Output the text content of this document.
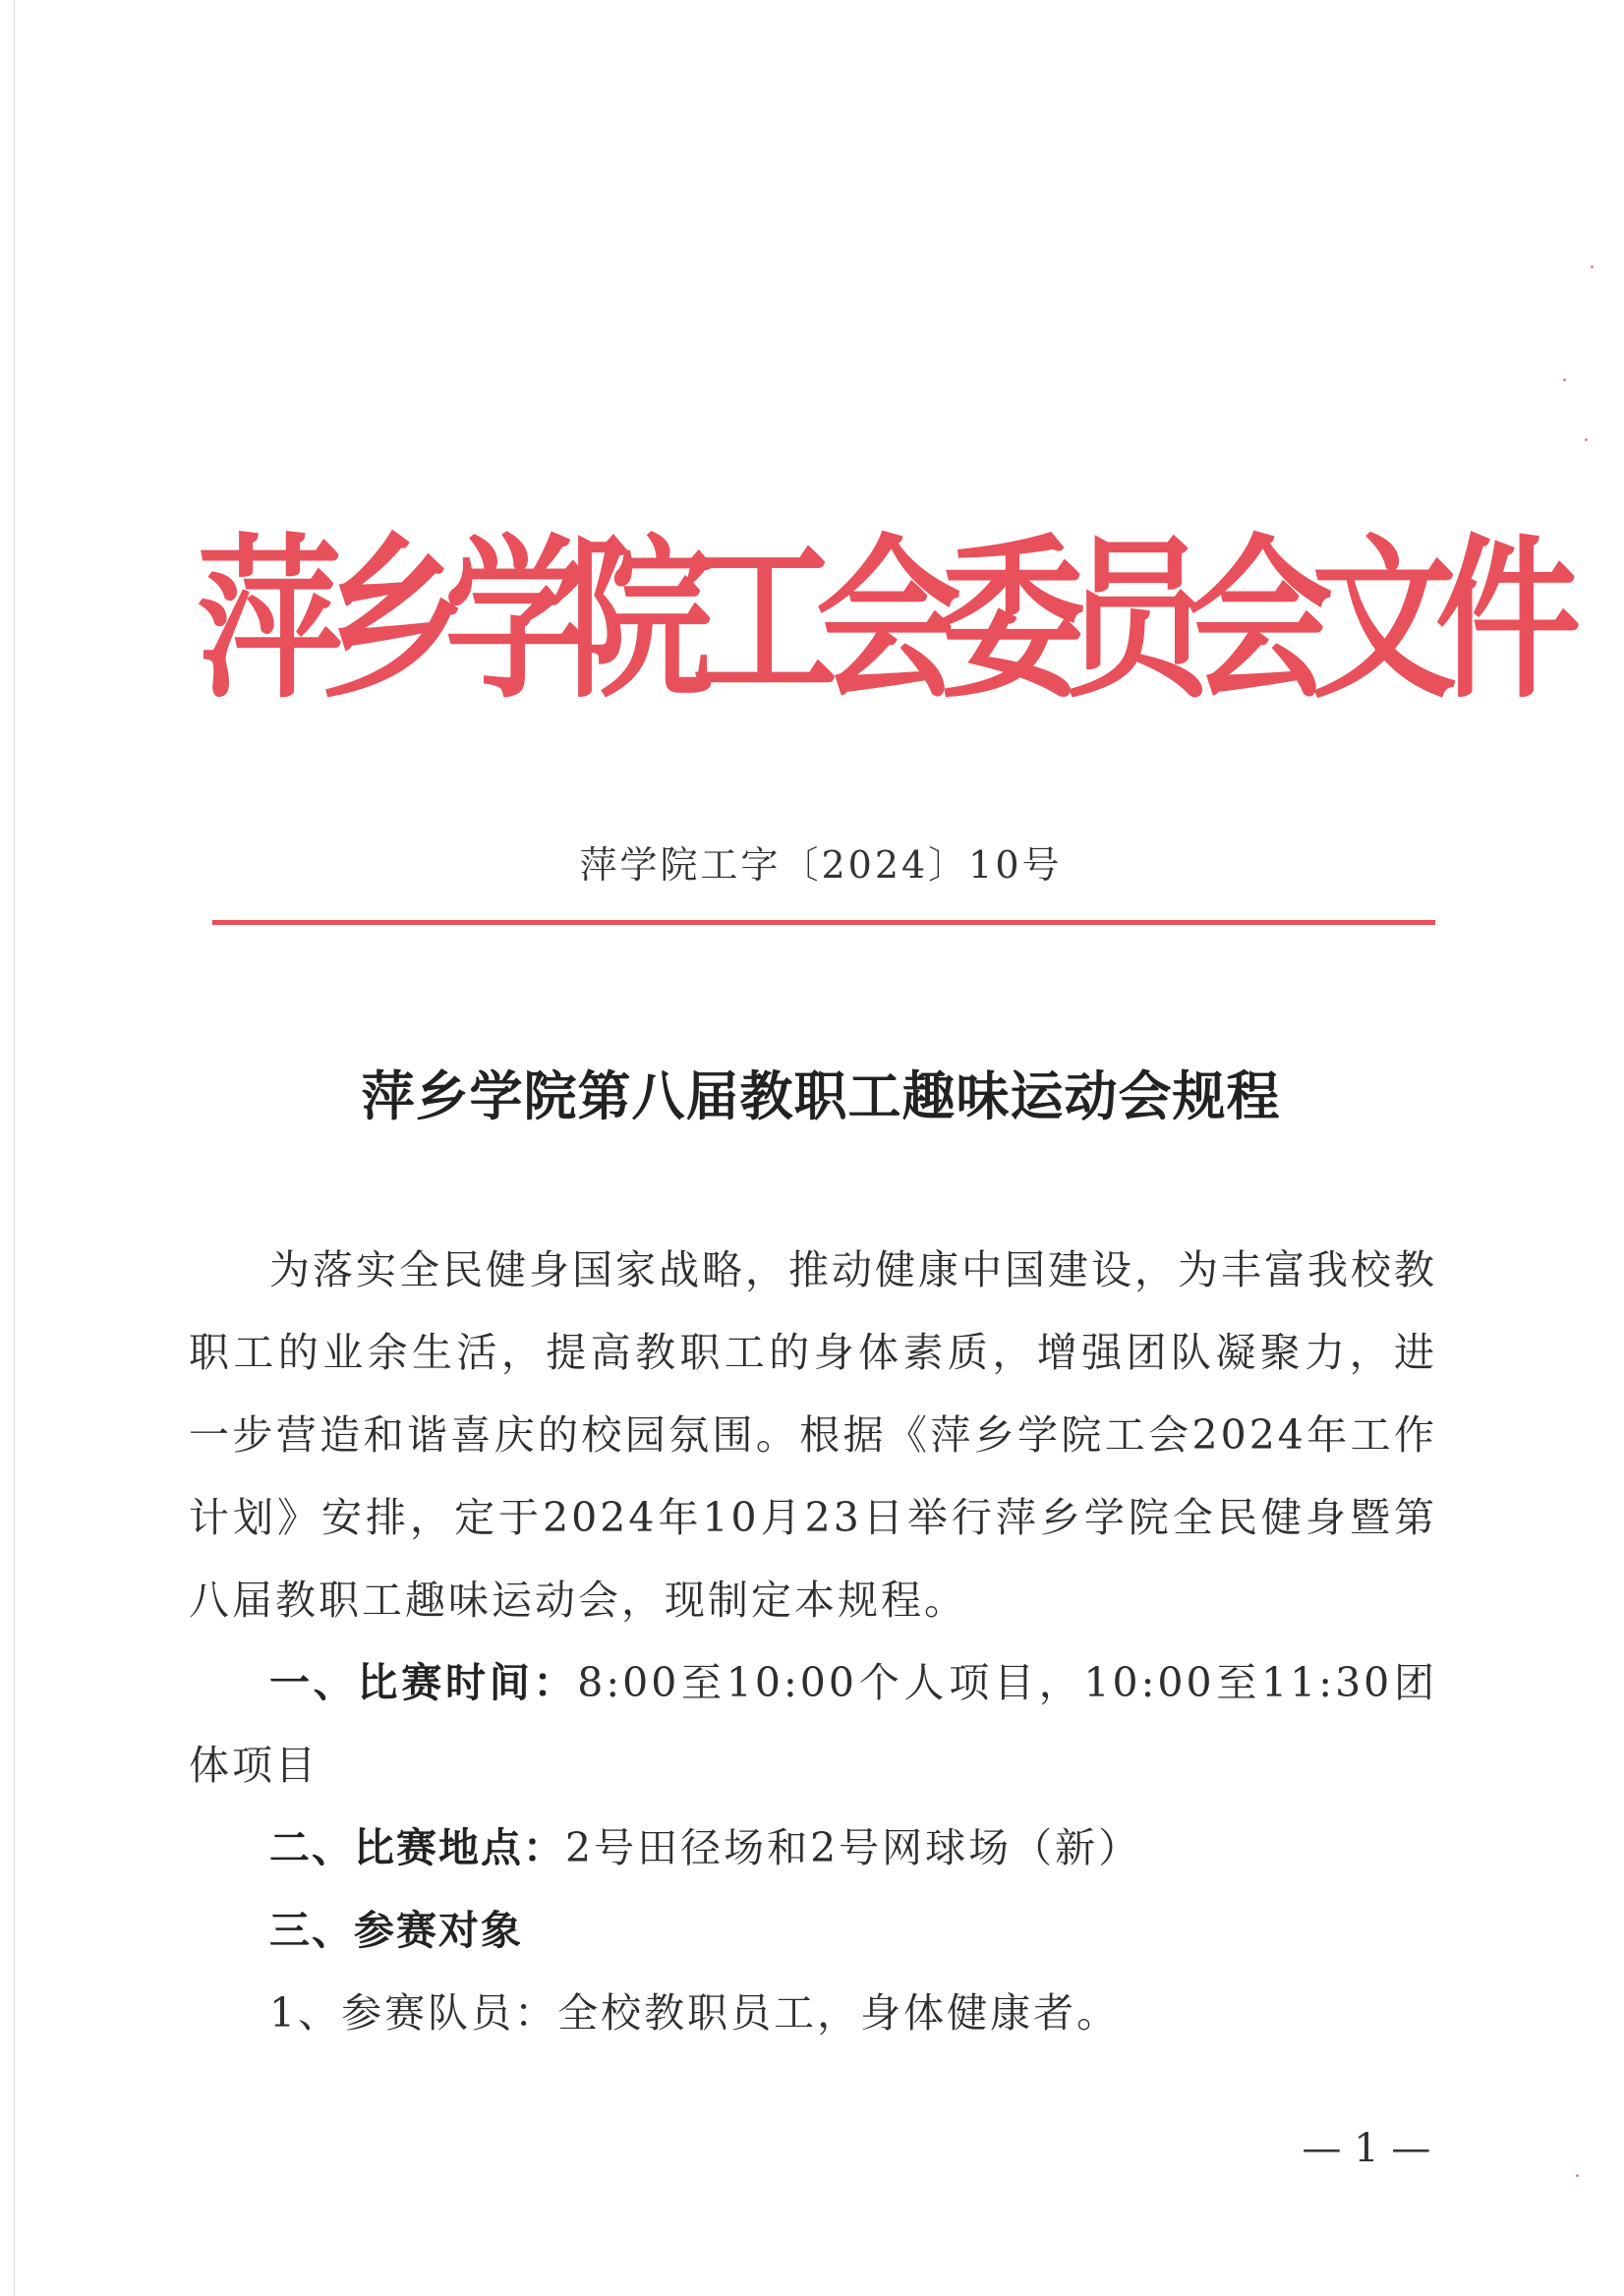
萍乡学院工会委员会文件
萍学院工字〔2024〕10号
萍乡学院第八届教职工趣味运动会规程

为落实全民健身国家战略，推动健康中国建设，为丰富我校教职工的业余生活，提高教职工的身体素质，增强团队凝聚力，进一步营造和谐喜庆的校园氛围。根据《萍乡学院工会2024年工作计划》安排，定于2024年10月23日举行萍乡学院全民健身暨第八届教职工趣味运动会，现制定本规程。

一、比赛时间：8:00至10:00个人项目，10:00至11:30团体项目

二、比赛地点：2号田径场和2号网球场（新）

三、参赛对象

1、参赛队员：全校教职员工，身体健康者。

— 1 —
